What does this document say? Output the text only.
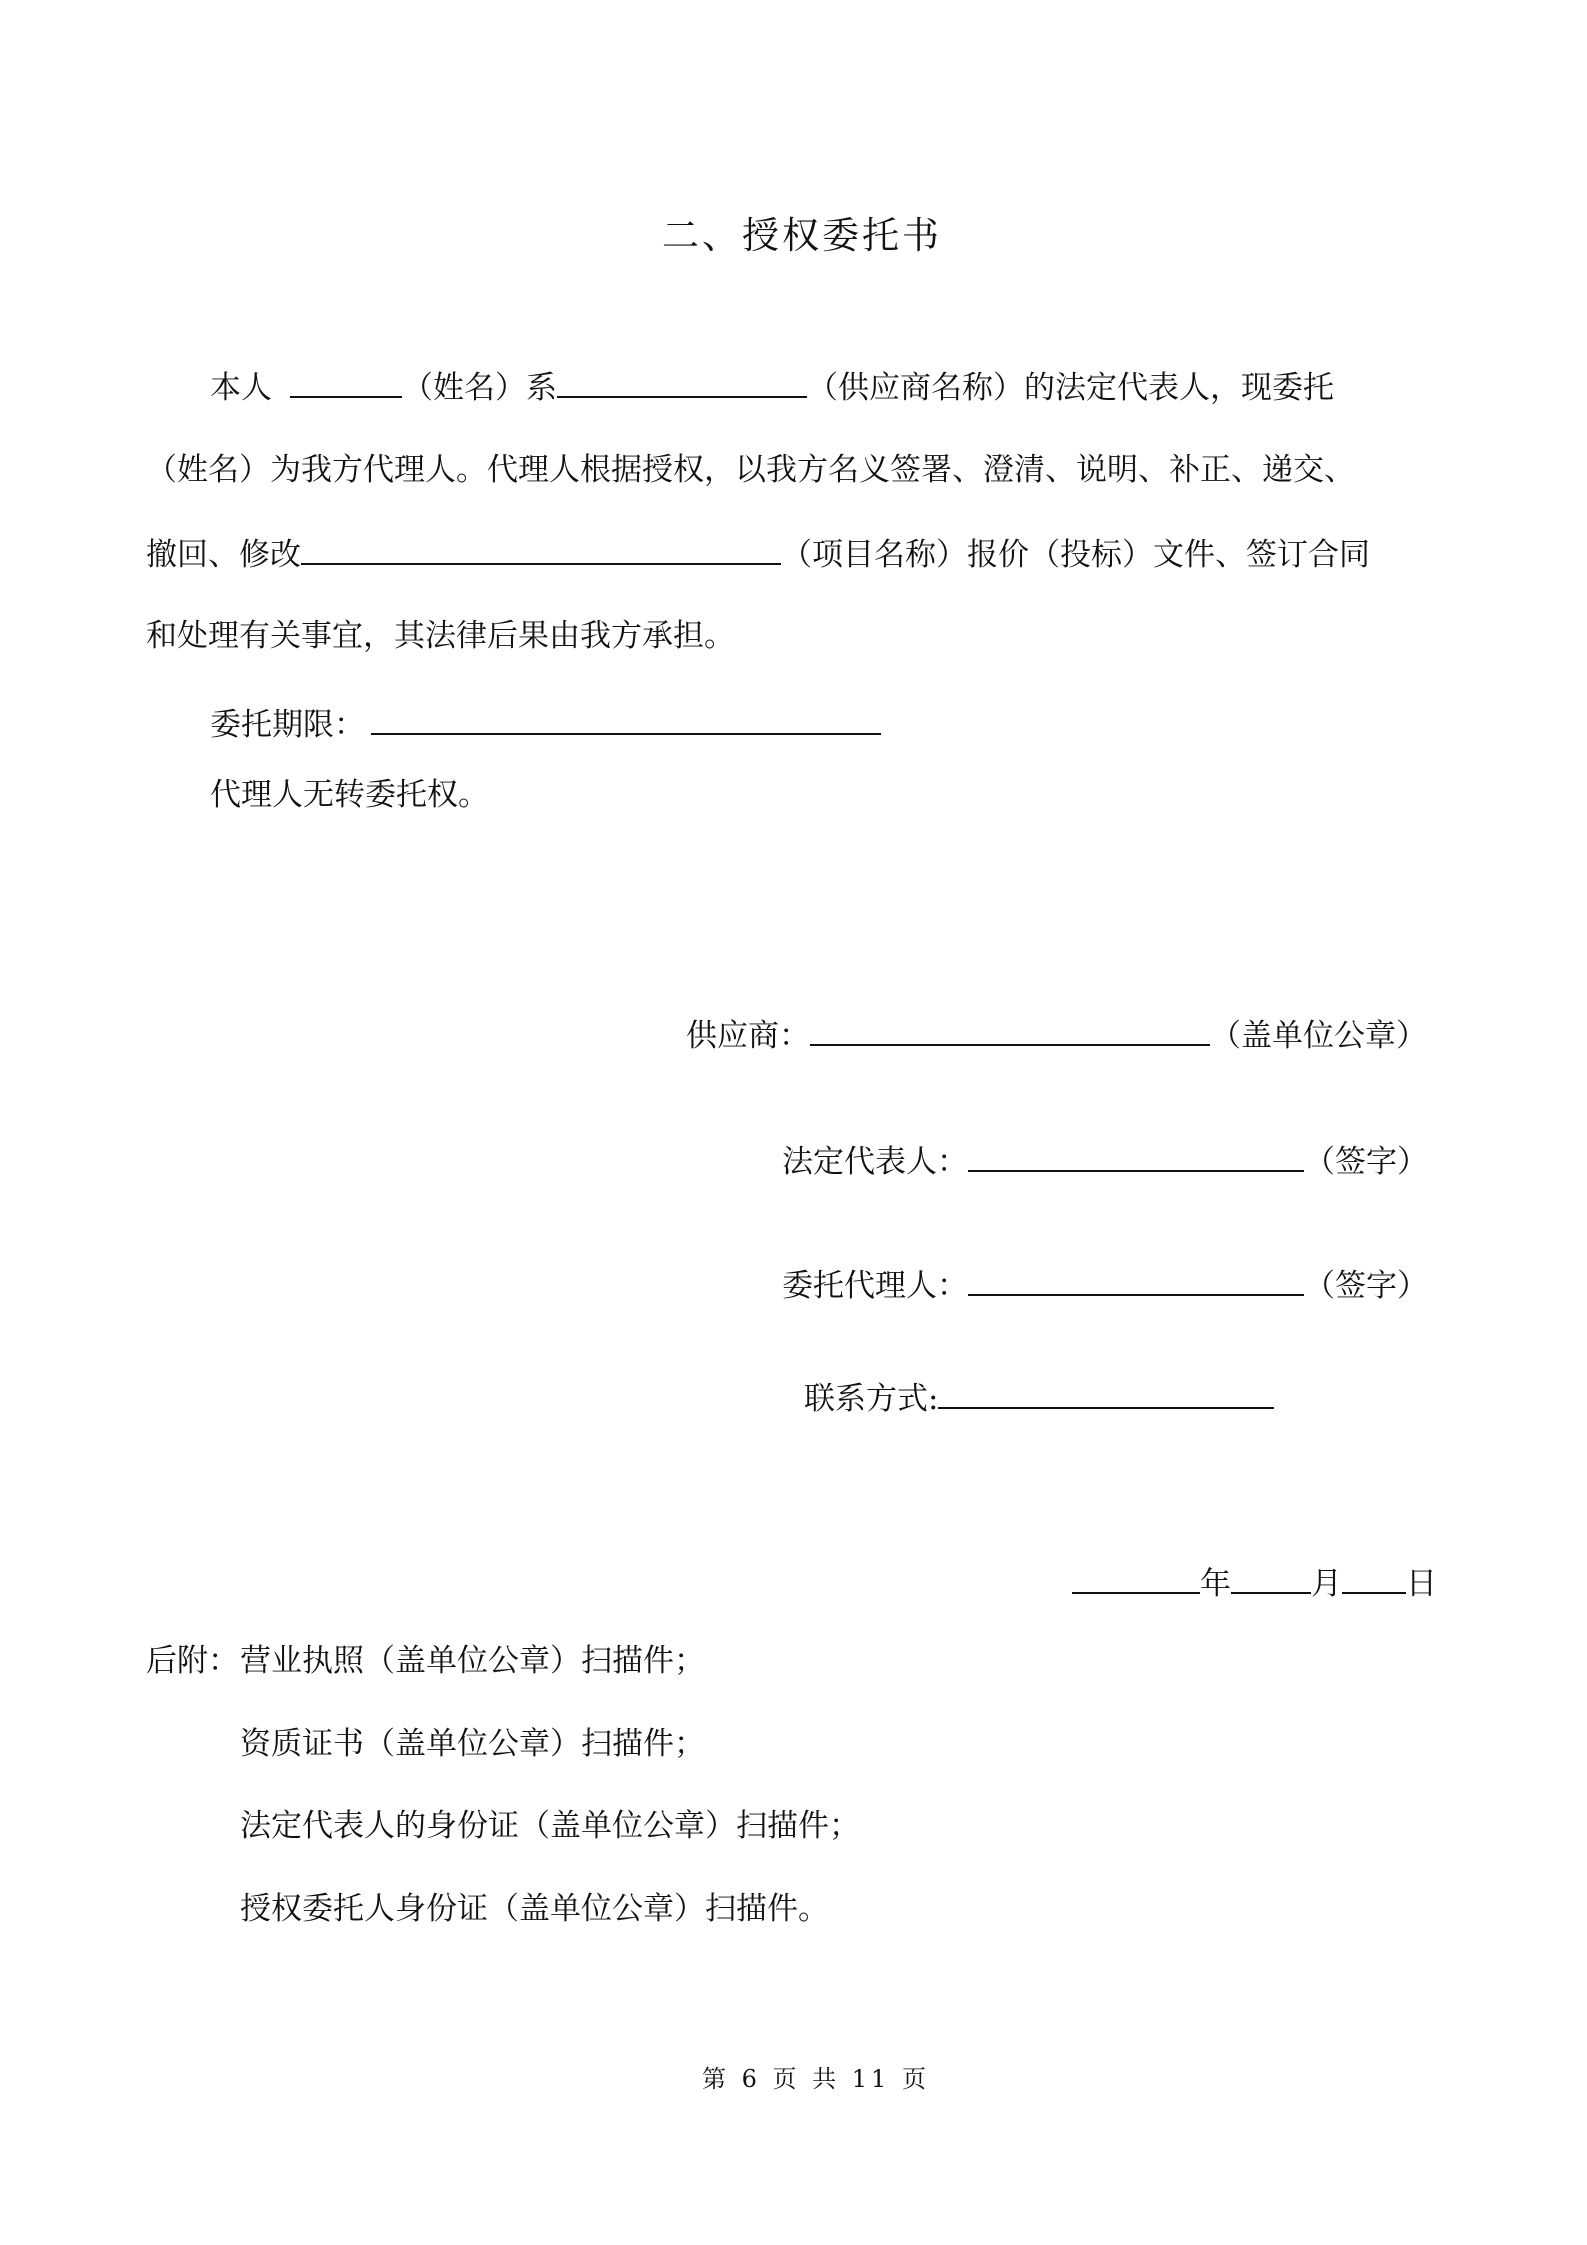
二、授权委托书
本人	（姓名）系	（供应商名称）的法定代表人，现委托
（姓名）为我方代理人。代理人根据授权，以我方名义签署、澄清、说明、补正、递交、
撤回、修改	（项目名称）报价（投标）文件、签订合同
和处理有关事宜，其法律后果由我方承担。
委托期限：
代理人无转委托权。
供应商：	（盖单位公章）
法定代表人：	（签字）
委托代理人：	（签字）
联系方式:
年	月 日
后附： 营业执照（盖单位公章）扫描件；
资质证书（盖单位公章）扫描件；
法定代表人的身份证（盖单位公章）扫描件；
授权委托人身份证（盖单位公章）扫描件。
第 6 页 共 11 页
